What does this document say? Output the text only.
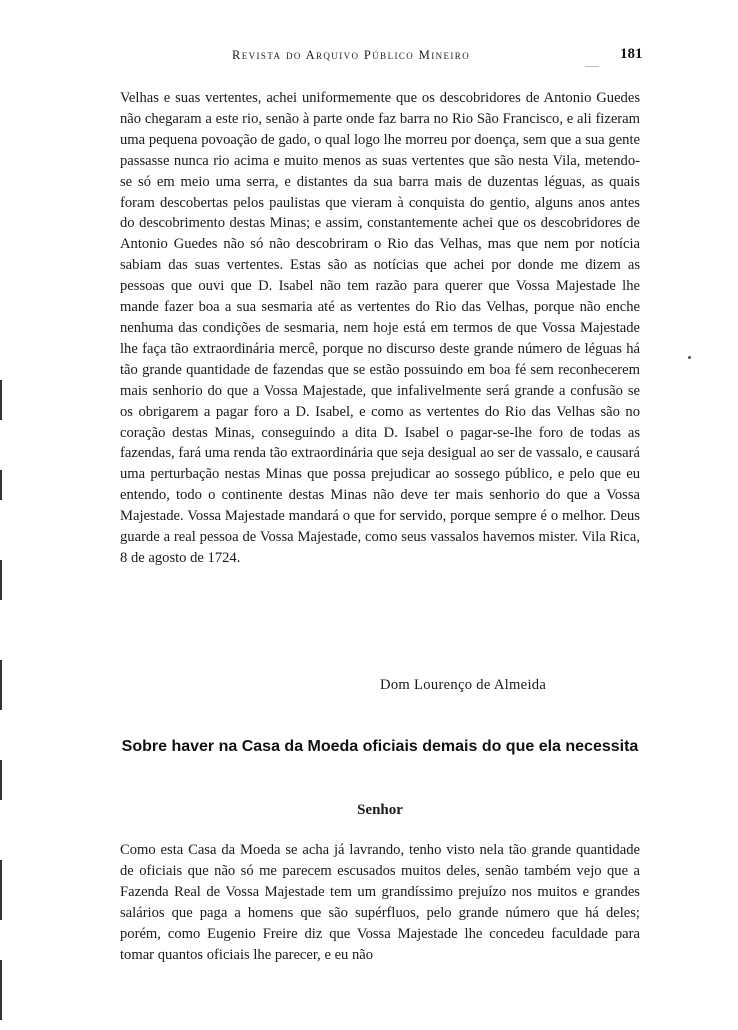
Revista do Arquivo Público Mineiro	181

Velhas e suas vertentes, achei uniformemente que os descobridores de Antonio Guedes não chegaram a este rio, senão à parte onde faz barra no Rio São Francisco, e ali fizeram uma pequena povoação de gado, o qual logo lhe morreu por doença, sem que a sua gente passasse nunca rio acima e muito menos as suas vertentes que são nesta Vila, metendo-se só em meio uma serra, e distantes da sua barra mais de duzentas léguas, as quais foram descobertas pelos paulistas que vieram à conquista do gentio, alguns anos antes do descobrimento destas Minas; e assim, constantemente achei que os descobridores de Antonio Guedes não só não descobriram o Rio das Velhas, mas que nem por notícia sabiam das suas vertentes. Estas são as notícias que achei por donde me dizem as pessoas que ouvi que D. Isabel não tem razão para querer que Vossa Majestade lhe mande fazer boa a sua sesmaria até as vertentes do Rio das Velhas, porque não enche nenhuma das condições de sesmaria, nem hoje está em termos de que Vossa Majestade lhe faça tão extraordinária mercê, porque no discurso deste grande número de léguas há tão grande quantidade de fazendas que se estão possuindo em boa fé sem reconhecerem mais senhorio do que a Vossa Majestade, que infalivelmente será grande a confusão se os obrigarem a pagar foro a D. Isabel, e como as vertentes do Rio das Velhas são no coração destas Minas, conseguindo a dita D. Isabel o pagar-se-lhe foro de todas as fazendas, fará uma renda tão extraordinária que seja desigual ao ser de vassalo, e causará uma perturbação nestas Minas que possa prejudicar ao sossego público, e pelo que eu entendo, todo o continente destas Minas não deve ter mais senhorio do que a Vossa Majestade. Vossa Majestade mandará o que for servido, porque sempre é o melhor. Deus guarde a real pessoa de Vossa Majestade, como seus vassalos havemos mister. Vila Rica, 8 de agosto de 1724.

Dom Lourenço de Almeida
Sobre haver na Casa da Moeda oficiais demais do que ela necessita
Senhor

Como esta Casa da Moeda se acha já lavrando, tenho visto nela tão grande quantidade de oficiais que não só me parecem escusados muitos deles, senão também vejo que a Fazenda Real de Vossa Majestade tem um grandíssimo prejuízo nos muitos e grandes salários que paga a homens que são supérfluos, pelo grande número que há deles; porém, como Eugenio Freire diz que Vossa Majestade lhe concedeu faculdade para tomar quantos oficiais lhe parecer, e eu não
